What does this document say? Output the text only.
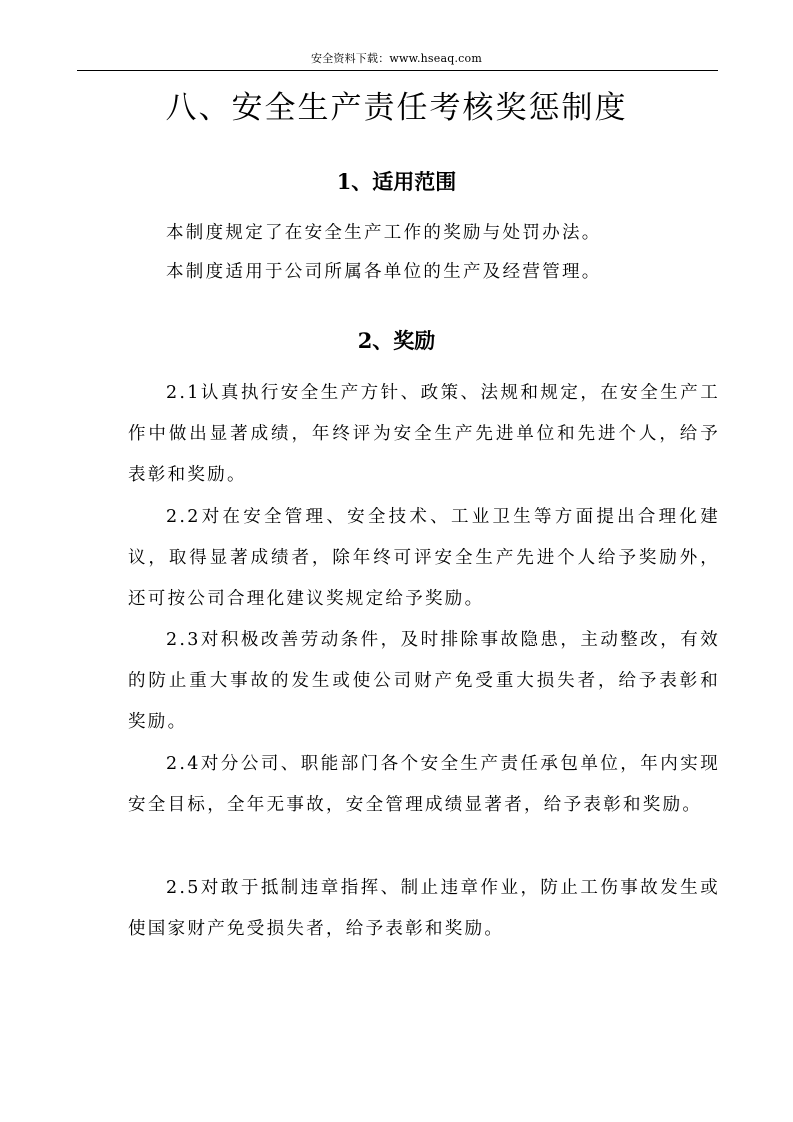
安全资料下载：www.hseaq.com
八、安全生产责任考核奖惩制度
1、适用范围

本制度规定了在安全生产工作的奖励与处罚办法。

本制度适用于公司所属各单位的生产及经营管理。

2、奖励

2.1认真执行安全生产方针、政策、法规和规定，在安全生产工作中做出显著成绩，年终评为安全生产先进单位和先进个人，给予表彰和奖励。

2.2对在安全管理、安全技术、工业卫生等方面提出合理化建议，取得显著成绩者，除年终可评安全生产先进个人给予奖励外，还可按公司合理化建议奖规定给予奖励。

2.3对积极改善劳动条件，及时排除事故隐患，主动整改，有效的防止重大事故的发生或使公司财产免受重大损失者，给予表彰和奖励。

2.4对分公司、职能部门各个安全生产责任承包单位，年内实现安全目标，全年无事故，安全管理成绩显著者，给予表彰和奖励。

2.5对敢于抵制违章指挥、制止违章作业，防止工伤事故发生或使国家财产免受损失者，给予表彰和奖励。
